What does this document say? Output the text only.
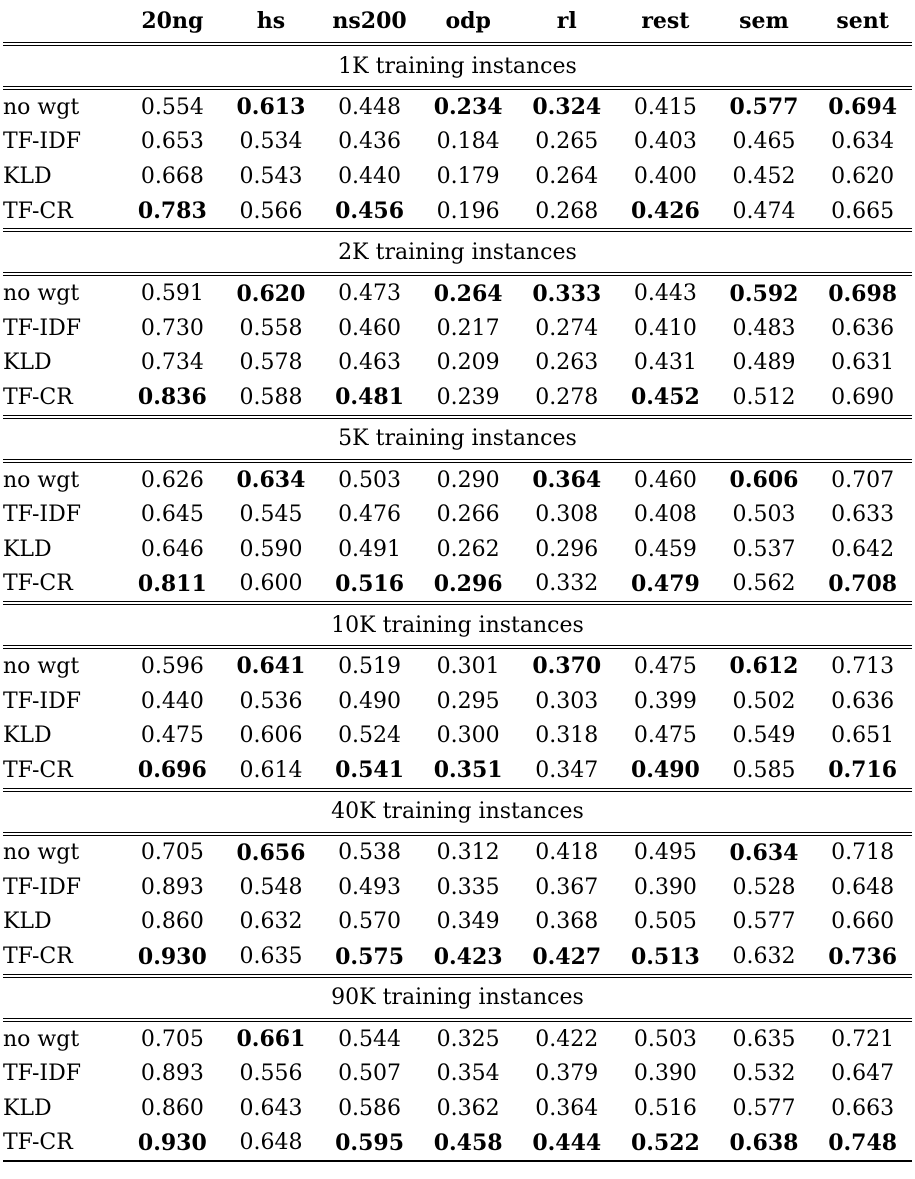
	20ng	hs	ns200	odp	rl	rest	sem	sent
1K training instances								
no wgt	0.554	0.613	0.448	0.234	0.324	0.415	0.577	0.694
TF-IDF	0.653	0.534	0.436	0.184	0.265	0.403	0.465	0.634
KLD	0.668	0.543	0.440	0.179	0.264	0.400	0.452	0.620
TF-CR	0.783	0.566	0.456	0.196	0.268	0.426	0.474	0.665
2K training instances								
no wgt	0.591	0.620	0.473	0.264	0.333	0.443	0.592	0.698
TF-IDF	0.730	0.558	0.460	0.217	0.274	0.410	0.483	0.636
KLD	0.734	0.578	0.463	0.209	0.263	0.431	0.489	0.631
TF-CR	0.836	0.588	0.481	0.239	0.278	0.452	0.512	0.690
5K training instances								
no wgt	0.626	0.634	0.503	0.290	0.364	0.460	0.606	0.707
TF-IDF	0.645	0.545	0.476	0.266	0.308	0.408	0.503	0.633
KLD	0.646	0.590	0.491	0.262	0.296	0.459	0.537	0.642
TF-CR	0.811	0.600	0.516	0.296	0.332	0.479	0.562	0.708
10K training instances								
no wgt	0.596	0.641	0.519	0.301	0.370	0.475	0.612	0.713
TF-IDF	0.440	0.536	0.490	0.295	0.303	0.399	0.502	0.636
KLD	0.475	0.606	0.524	0.300	0.318	0.475	0.549	0.651
TF-CR	0.696	0.614	0.541	0.351	0.347	0.490	0.585	0.716
40K training instances								
no wgt	0.705	0.656	0.538	0.312	0.418	0.495	0.634	0.718
TF-IDF	0.893	0.548	0.493	0.335	0.367	0.390	0.528	0.648
KLD	0.860	0.632	0.570	0.349	0.368	0.505	0.577	0.660
TF-CR	0.930	0.635	0.575	0.423	0.427	0.513	0.632	0.736
90K training instances								
no wgt	0.705	0.661	0.544	0.325	0.422	0.503	0.635	0.721
TF-IDF	0.893	0.556	0.507	0.354	0.379	0.390	0.532	0.647
KLD	0.860	0.643	0.586	0.362	0.364	0.516	0.577	0.663
TF-CR	0.930	0.648	0.595	0.458	0.444	0.522	0.638	0.748
